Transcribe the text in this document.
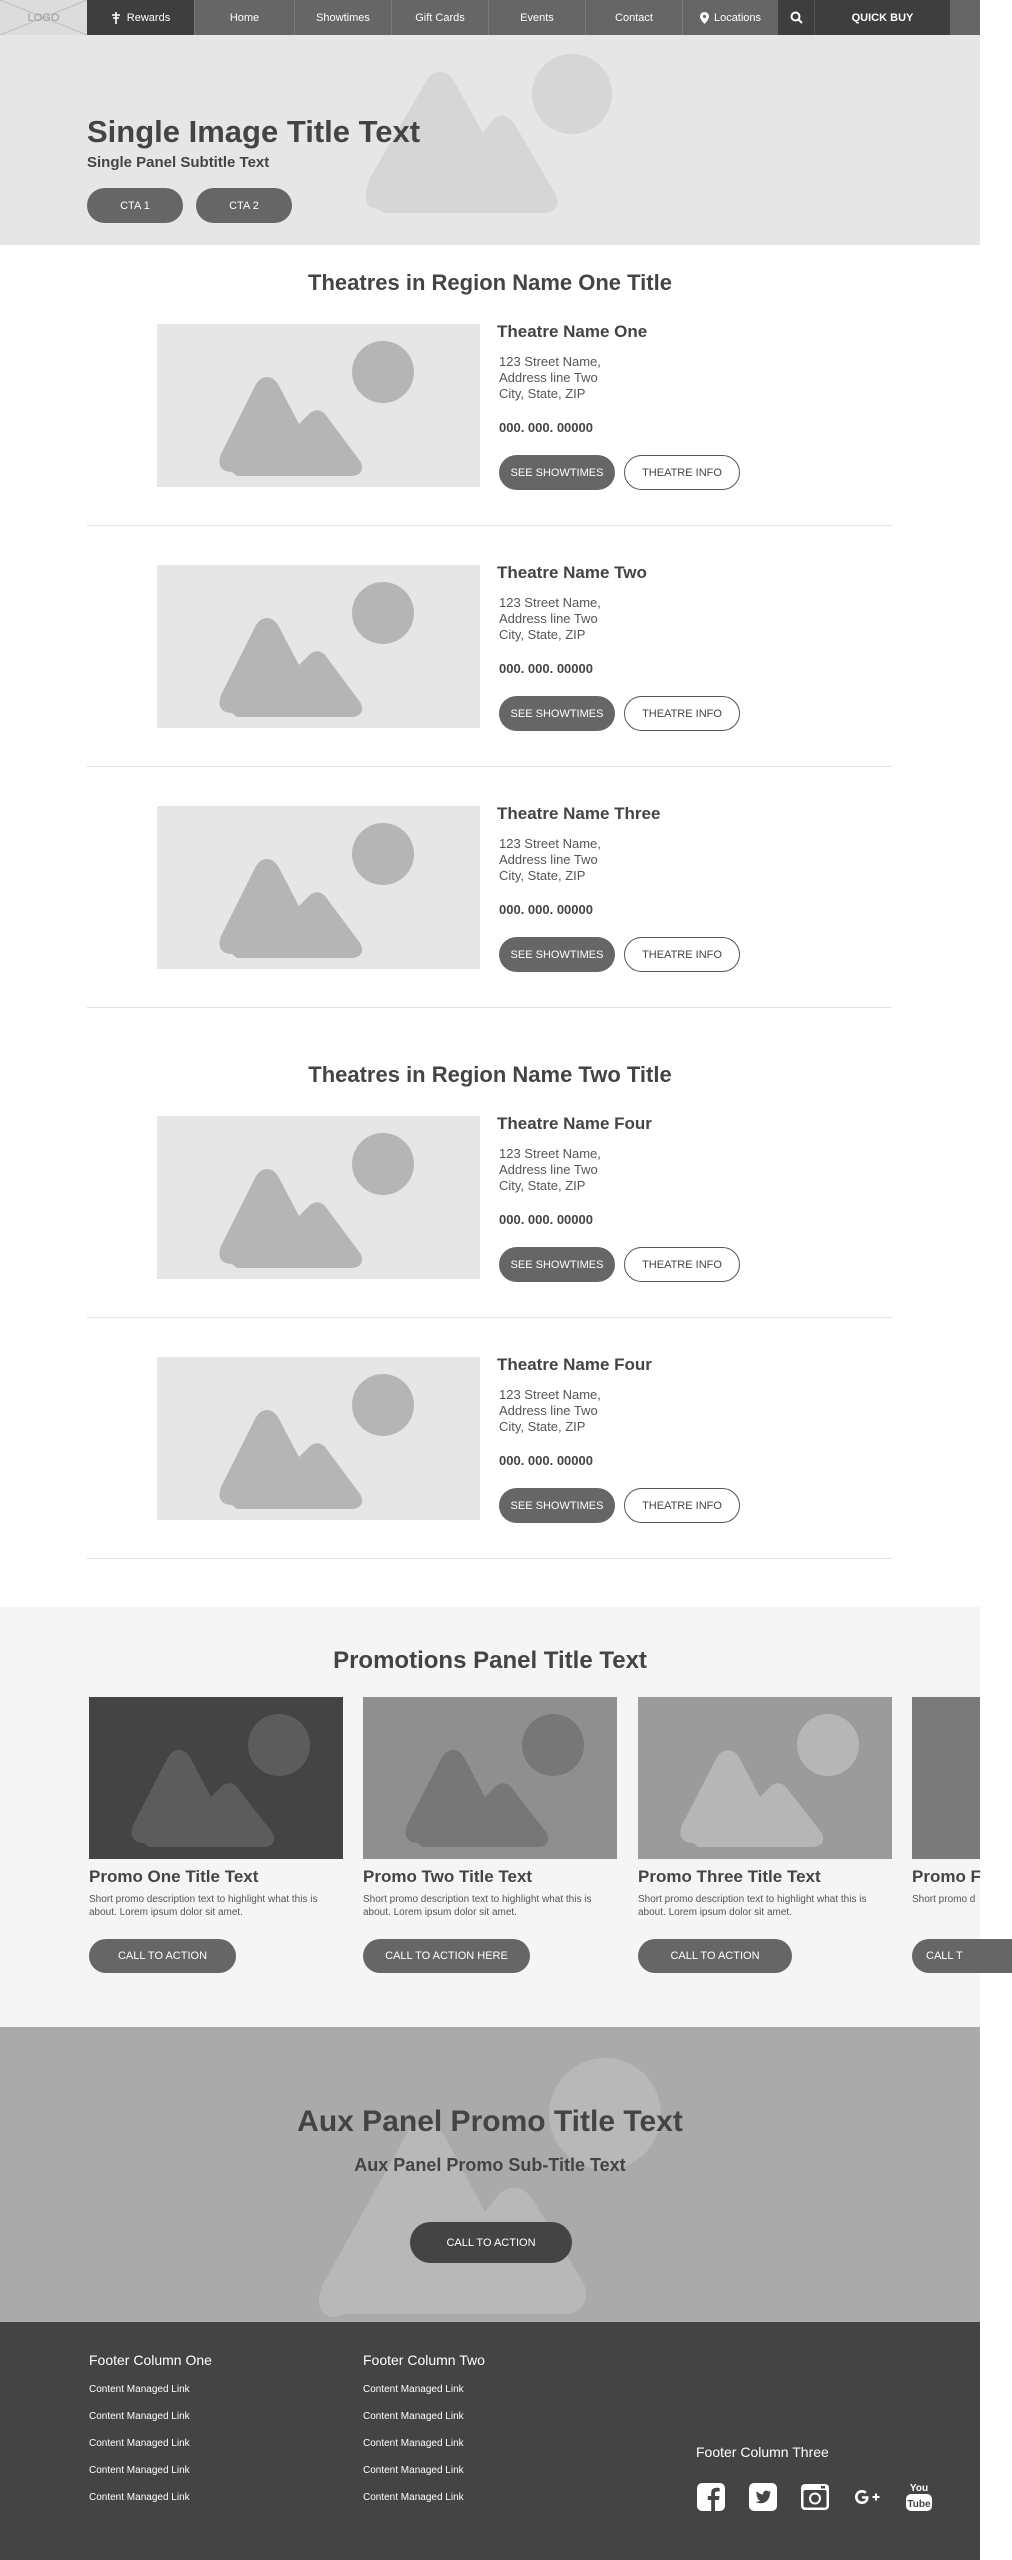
LOGO	Rewards	Home	Showtimes	Gift Cards	Events	Contact	Locations	QUICK BUY
Single Image Title Text
Single Panel Subtitle Text
CTA 1	CTA 2
Theatres in Region Name One Title
Theatre Name One
123 Street Name,
Address line Two
City, State, ZIP
000. 000. 00000
SEE SHOWTIMES	THEATRE INFO
Theatre Name Two
123 Street Name,
Address line Two
City, State, ZIP
000. 000. 00000
SEE SHOWTIMES	THEATRE INFO
Theatre Name Three
123 Street Name,
Address line Two
City, State, ZIP
000. 000. 00000
SEE SHOWTIMES	THEATRE INFO
Theatres in Region Name Two Title
Theatre Name Four
123 Street Name,
Address line Two
City, State, ZIP
000. 000. 00000
SEE SHOWTIMES	THEATRE INFO
Theatre Name Four
123 Street Name,
Address line Two
City, State, ZIP
000. 000. 00000
SEE SHOWTIMES	THEATRE INFO
Promotions Panel Title Text
Promo One Title Text
Short promo description text to highlight what this is about. Lorem ipsum dolor sit amet.
CALL TO ACTION
Promo Two Title Text
Short promo description text to highlight what this is about. Lorem ipsum dolor sit amet.
CALL TO ACTION HERE
Promo Three Title Text
Short promo description text to highlight what this is about. Lorem ipsum dolor sit amet.
CALL TO ACTION
Promo F
Short promo d
CALL T
Aux Panel Promo Title Text
Aux Panel Promo Sub-Title Text
CALL TO ACTION
Footer Column One
Content Managed Link
Content Managed Link
Content Managed Link
Content Managed Link
Content Managed Link
Footer Column Two
Content Managed Link
Content Managed Link
Content Managed Link
Content Managed Link
Content Managed Link
Footer Column Three
You
Tube
